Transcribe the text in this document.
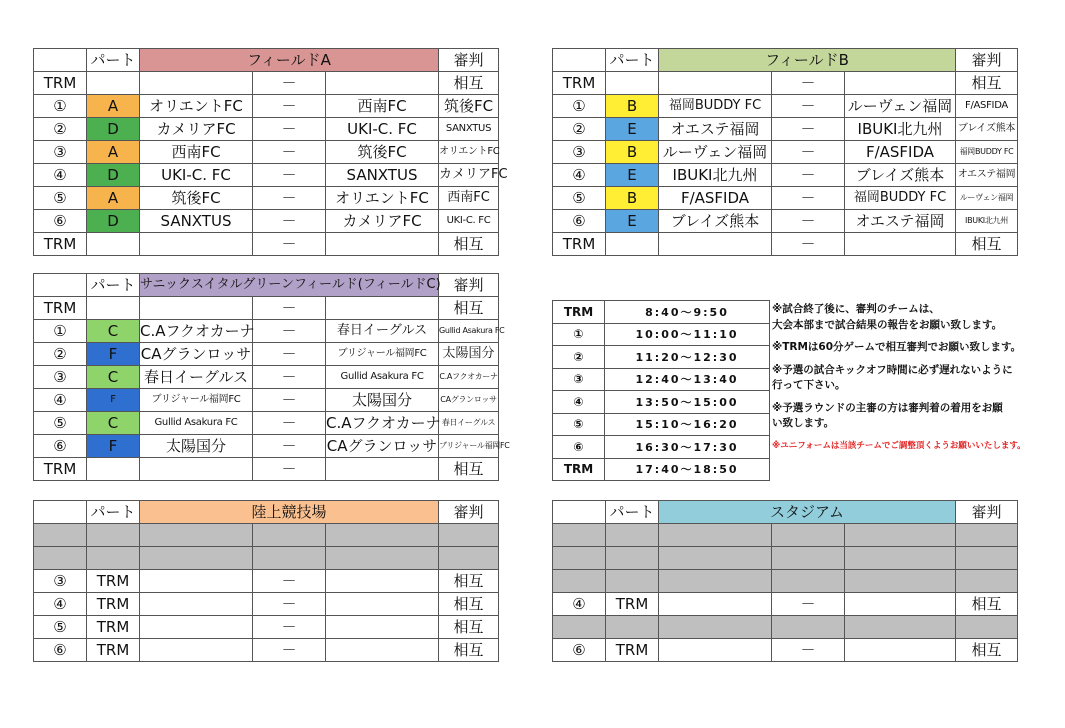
	パート	フィールドA			審判
TRM			－		相互
①	A	オリエントFC	－	西南FC	筑後FC
②	D	カメリアFC	－	UKI-C. FC	SANXTUS
③	A	西南FC	－	筑後FC	オリエントFC
④	D	UKI-C. FC	－	SANXTUS	カメリアFC
⑤	A	筑後FC	－	オリエントFC	西南FC
⑥	D	SANXTUS	－	カメリアFC	UKI-C. FC
TRM			－		相互
	パート	フィールドB			審判
TRM			－		相互
①	B	福岡BUDDY FC	－	ルーヴェン福岡	F/ASFIDA
②	E	オエステ福岡	－	IBUKI北九州	ブレイズ熊本
③	B	ルーヴェン福岡	－	F/ASFIDA	福岡BUDDY FC
④	E	IBUKI北九州	－	ブレイズ熊本	オエステ福岡
⑤	B	F/ASFIDA	－	福岡BUDDY FC	ルーヴェン福岡
⑥	E	ブレイズ熊本	－	オエステ福岡	IBUKI北九州
TRM			－		相互
	パート	サニックスイタルグリーンフィールド(フィールドC)			審判
TRM			－		相互
①	C	C.Aフクオカーナ	－	春日イーグルス	Gullid Asakura FC
②	F	CAグランロッサ	－	ブリジャール福岡FC	太陽国分
③	C	春日イーグルス	－	Gullid Asakura FC	C.Aフクオカーナ
④	F	ブリジャール福岡FC	－	太陽国分	CAグランロッサ
⑤	C	Gullid Asakura FC	－	C.Aフクオカーナ	春日イーグルス
⑥	F	太陽国分	－	CAグランロッサ	ブリジャール福岡FC
TRM			－		相互
TRM	8:40～9:50
①	10:00～11:10
②	11:20～12:30
③	12:40～13:40
④	13:50～15:00
⑤	15:10～16:20
⑥	16:30～17:30
TRM	17:40～18:50

※試合終了後に、審判のチームは、
大会本部まで試合結果の報告をお願い致します。

※TRMは60分ゲームで相互審判でお願い致します。

※予選の試合キックオフ時間に必ず遅れないように
行って下さい。

※予選ラウンドの主審の方は審判着の着用をお願
い致します。

※ユニフォームは当該チームでご調整頂くようお願いいたします。

	パート	陸上競技場			審判

③	TRM		－		相互
④	TRM		－		相互
⑤	TRM		－		相互
⑥	TRM		－		相互
	パート	スタジアム			審判

④	TRM		－		相互

⑥	TRM		－		相互
